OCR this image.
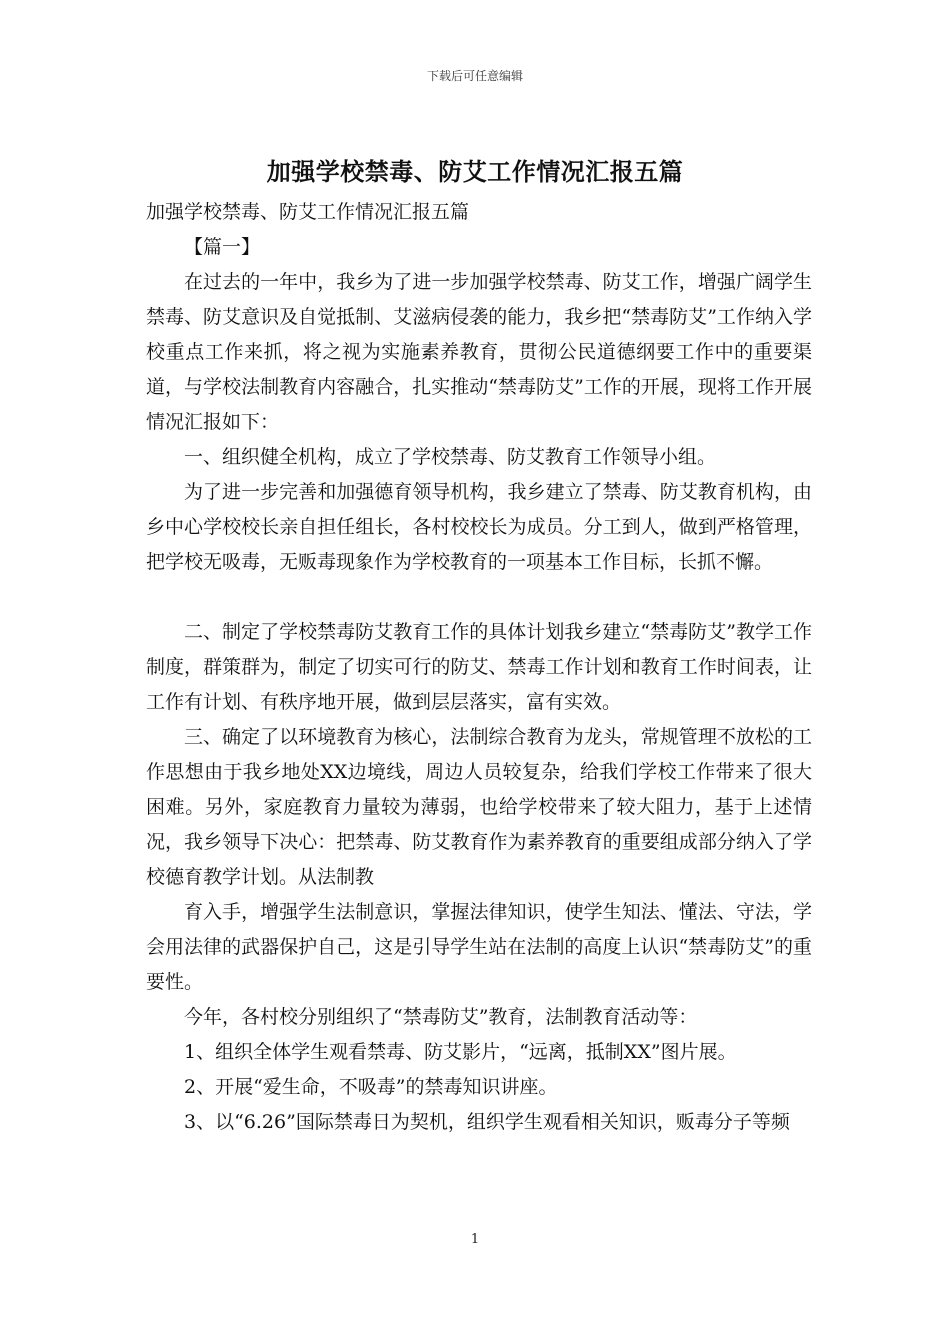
下载后可任意编辑
加强学校禁毒、防艾工作情况汇报五篇

加强学校禁毒、防艾工作情况汇报五篇

【篇一】

在过去的一年中，我乡为了进一步加强学校禁毒、防艾工作，增强广阔学生禁毒、防艾意识及自觉抵制、艾滋病侵袭的能力，我乡把“禁毒防艾”工作纳入学校重点工作来抓，将之视为实施素养教育，贯彻公民道德纲要工作中的重要渠道，与学校法制教育内容融合，扎实推动“禁毒防艾”工作的开展，现将工作开展情况汇报如下：

一、组织健全机构，成立了学校禁毒、防艾教育工作领导小组。

为了进一步完善和加强德育领导机构，我乡建立了禁毒、防艾教育机构，由乡中心学校校长亲自担任组长，各村校校长为成员。分工到人，做到严格管理，把学校无吸毒，无贩毒现象作为学校教育的一项基本工作目标，长抓不懈。

二、制定了学校禁毒防艾教育工作的具体计划我乡建立“禁毒防艾”教学工作制度，群策群为，制定了切实可行的防艾、禁毒工作计划和教育工作时间表，让工作有计划、有秩序地开展，做到层层落实，富有实效。

三、确定了以环境教育为核心，法制综合教育为龙头，常规管理不放松的工作思想由于我乡地处XX边境线，周边人员较复杂，给我们学校工作带来了很大困难。另外，家庭教育力量较为薄弱，也给学校带来了较大阻力，基于上述情况，我乡领导下决心：把禁毒、防艾教育作为素养教育的重要组成部分纳入了学校德育教学计划。从法制教

育入手，增强学生法制意识，掌握法律知识，使学生知法、懂法、守法，学会用法律的武器保护自己，这是引导学生站在法制的高度上认识“禁毒防艾”的重要性。

今年，各村校分别组织了“禁毒防艾”教育，法制教育活动等：

1、组织全体学生观看禁毒、防艾影片，“远离，抵制XX”图片展。

2、开展“爱生命，不吸毒”的禁毒知识讲座。

3、以“6.26”国际禁毒日为契机，组织学生观看相关知识，贩毒分子等频

1
